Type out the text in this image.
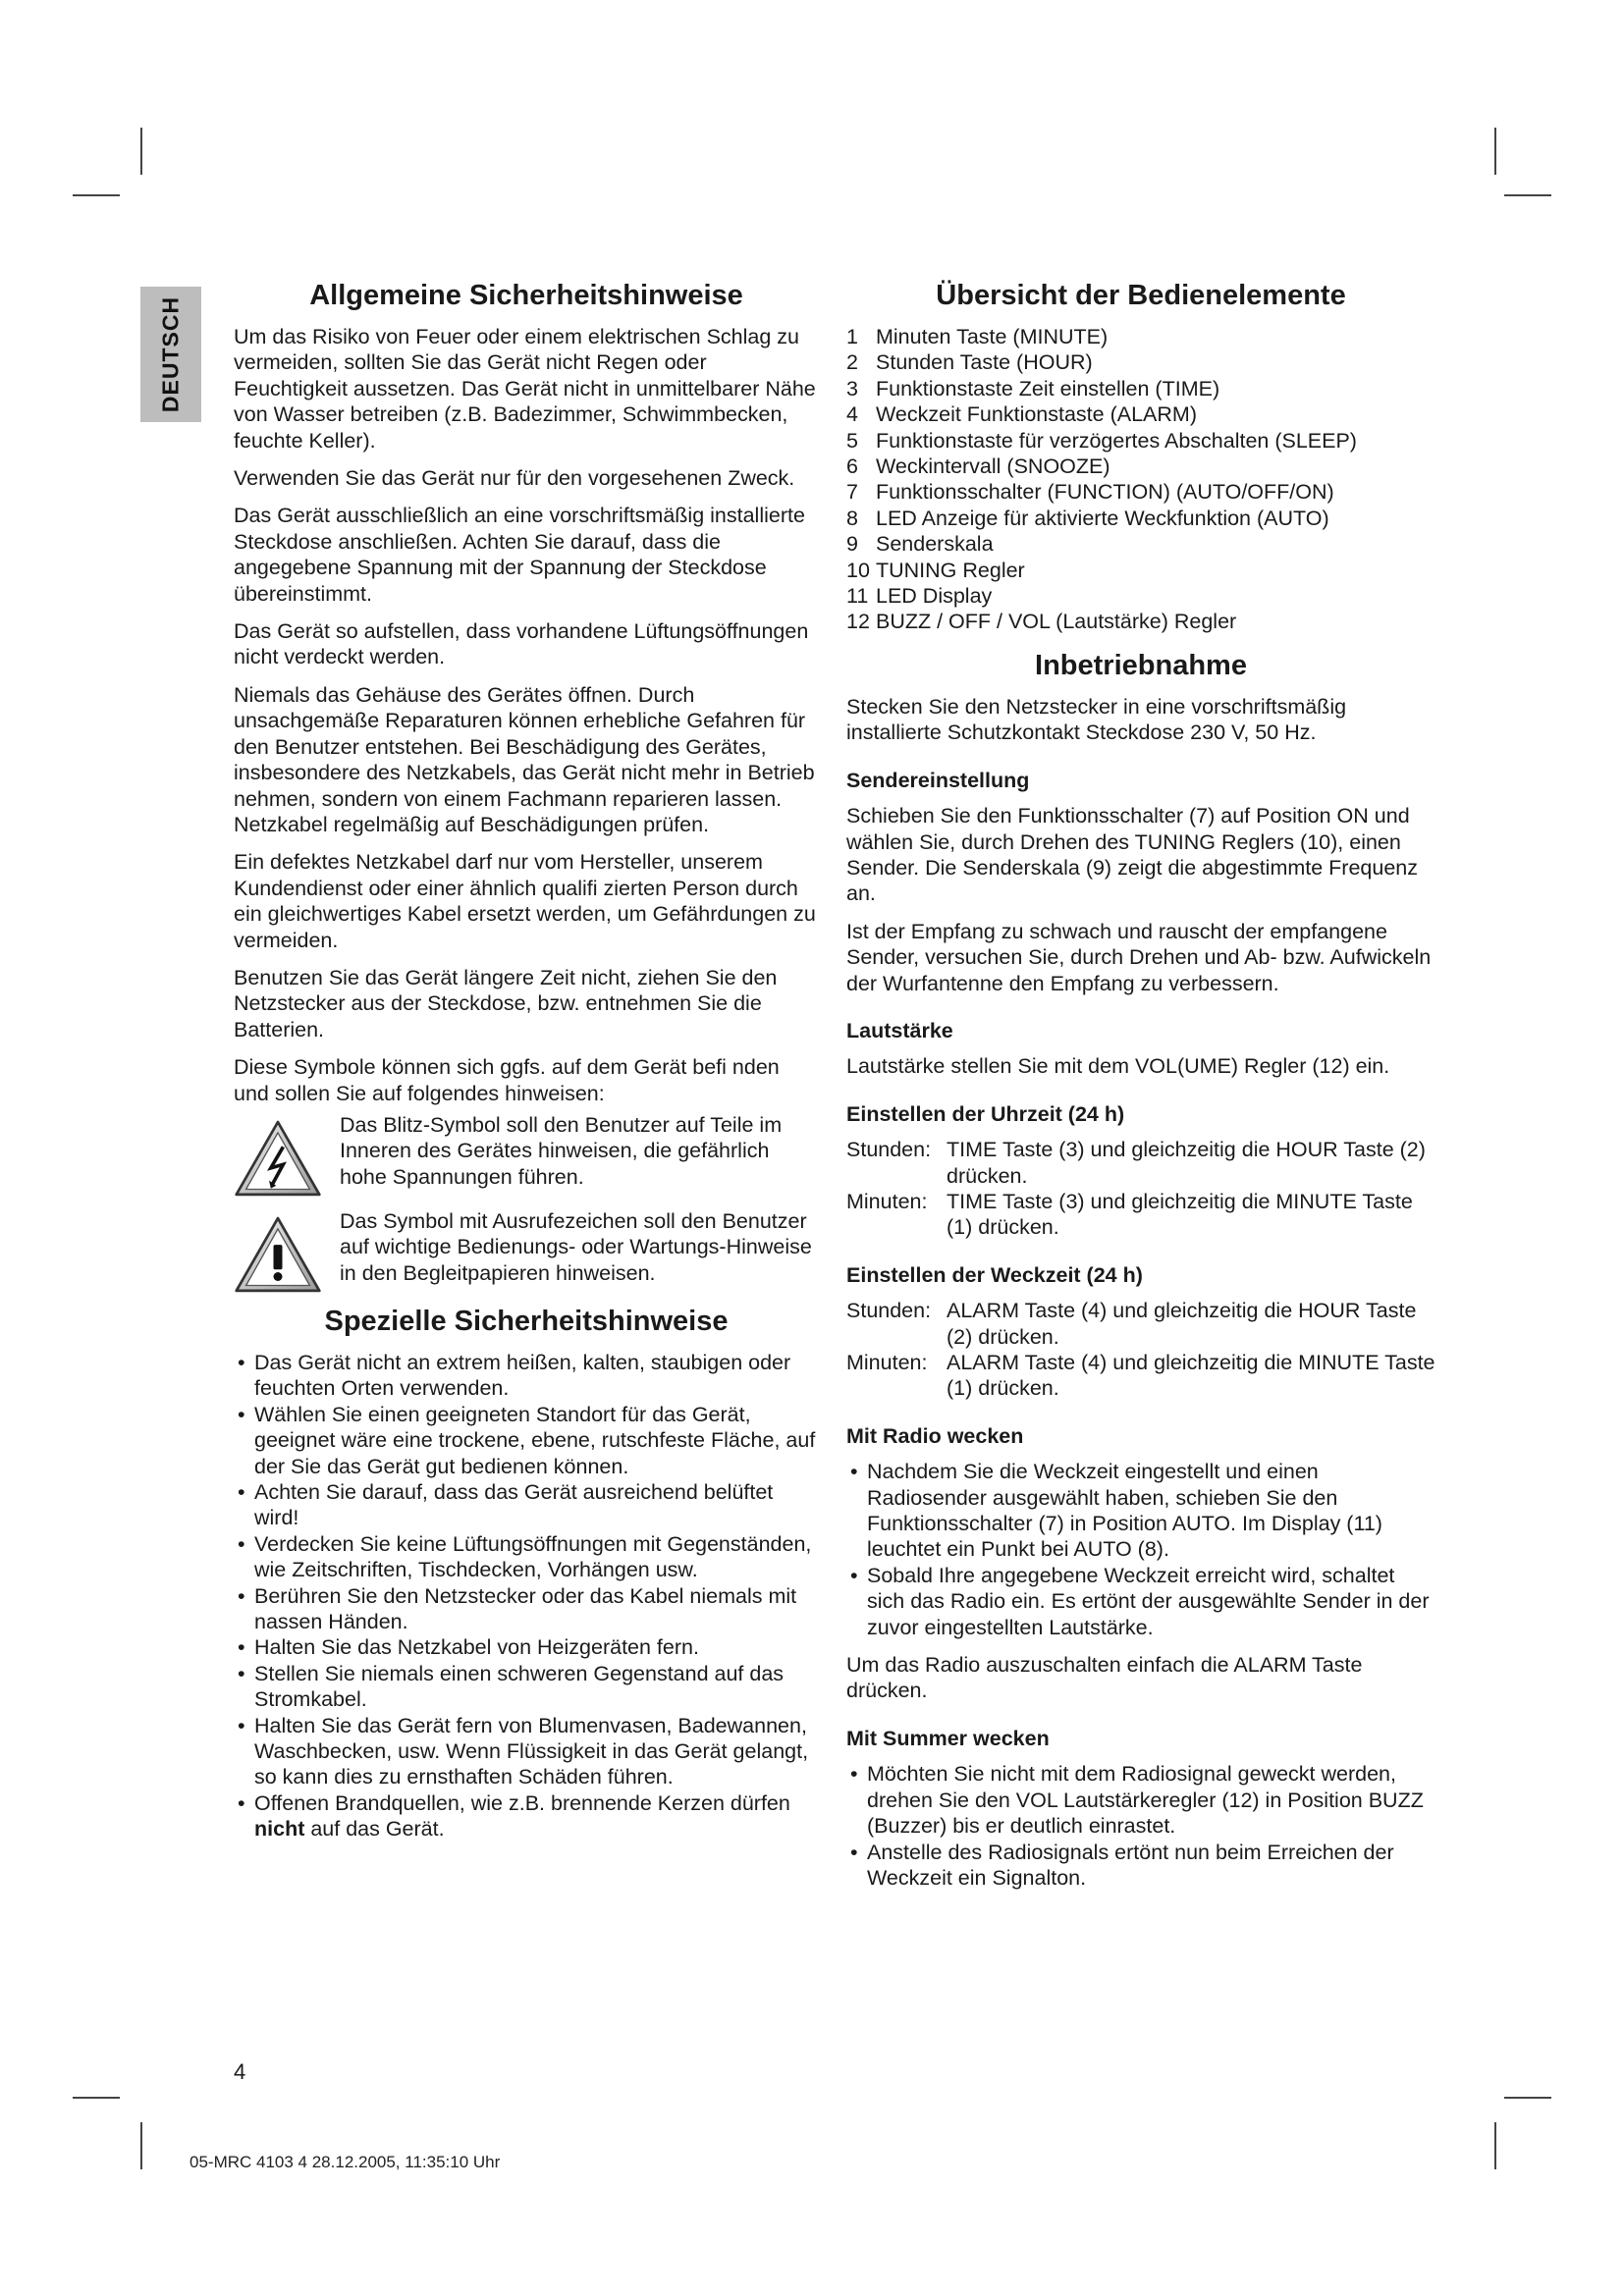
DEUTSCH
Allgemeine Sicherheitshinweise
Um das Risiko von Feuer oder einem elektrischen Schlag zu vermeiden, sollten Sie das Gerät nicht Regen oder Feuchtigkeit aussetzen. Das Gerät nicht in unmittelbarer Nähe von Wasser betreiben (z.B. Badezimmer, Schwimmbecken, feuchte Keller).
Verwenden Sie das Gerät nur für den vorgesehenen Zweck.
Das Gerät ausschließlich an eine vorschriftsmäßig installierte Steckdose anschließen. Achten Sie darauf, dass die angegebene Spannung mit der Spannung der Steckdose übereinstimmt.
Das Gerät so aufstellen, dass vorhandene Lüftungsöffnungen nicht verdeckt werden.
Niemals das Gehäuse des Gerätes öffnen. Durch unsachgemäße Reparaturen können erhebliche Gefahren für den Benutzer entstehen. Bei Beschädigung des Gerätes, insbesondere des Netzkabels, das Gerät nicht mehr in Betrieb nehmen, sondern von einem Fachmann reparieren lassen. Netzkabel regelmäßig auf Beschädigungen prüfen.
Ein defektes Netzkabel darf nur vom Hersteller, unserem Kundendienst oder einer ähnlich qualifi zierten Person durch ein gleichwertiges Kabel ersetzt werden, um Gefährdungen zu vermeiden.
Benutzen Sie das Gerät längere Zeit nicht, ziehen Sie den Netzstecker aus der Steckdose, bzw. entnehmen Sie die Batterien.
Diese Symbole können sich ggfs. auf dem Gerät befi nden und sollen Sie auf folgendes hinweisen:
Das Blitz-Symbol soll den Benutzer auf Teile im Inneren des Gerätes hinweisen, die gefährlich hohe Spannungen führen.
Das Symbol mit Ausrufezeichen soll den Benutzer auf wichtige Bedienungs- oder Wartungs-Hinweise in den Begleitpapieren hinweisen.
Spezielle Sicherheitshinweise
• Das Gerät nicht an extrem heißen, kalten, staubigen oder feuchten Orten verwenden.
• Wählen Sie einen geeigneten Standort für das Gerät, geeignet wäre eine trockene, ebene, rutschfeste Fläche, auf der Sie das Gerät gut bedienen können.
• Achten Sie darauf, dass das Gerät ausreichend belüftet wird!
• Verdecken Sie keine Lüftungsöffnungen mit Gegenständen, wie Zeitschriften, Tischdecken, Vorhängen usw.
• Berühren Sie den Netzstecker oder das Kabel niemals mit nassen Händen.
• Halten Sie das Netzkabel von Heizgeräten fern.
• Stellen Sie niemals einen schweren Gegenstand auf das Stromkabel.
• Halten Sie das Gerät fern von Blumenvasen, Badewannen, Waschbecken, usw. Wenn Flüssigkeit in das Gerät gelangt, so kann dies zu ernsthaften Schäden führen.
• Offenen Brandquellen, wie z.B. brennende Kerzen dürfen nicht auf das Gerät.
Übersicht der Bedienelemente
1 Minuten Taste (MINUTE)
2 Stunden Taste (HOUR)
3 Funktionstaste Zeit einstellen (TIME)
4 Weckzeit Funktionstaste (ALARM)
5 Funktionstaste für verzögertes Abschalten (SLEEP)
6 Weckintervall (SNOOZE)
7 Funktionsschalter (FUNCTION) (AUTO/OFF/ON)
8 LED Anzeige für aktivierte Weckfunktion (AUTO)
9 Senderskala
10 TUNING Regler
11 LED Display
12 BUZZ / OFF / VOL (Lautstärke) Regler
Inbetriebnahme
Stecken Sie den Netzstecker in eine vorschriftsmäßig installierte Schutzkontakt Steckdose 230 V, 50 Hz.
Sendereinstellung
Schieben Sie den Funktionsschalter (7) auf Position ON und wählen Sie, durch Drehen des TUNING Reglers (10), einen Sender. Die Senderskala (9) zeigt die abgestimmte Frequenz an.
Ist der Empfang zu schwach und rauscht der empfangene Sender, versuchen Sie, durch Drehen und Ab- bzw. Aufwickeln der Wurfantenne den Empfang zu verbessern.
Lautstärke
Lautstärke stellen Sie mit dem VOL(UME) Regler (12) ein.
Einstellen der Uhrzeit (24 h)
Stunden: TIME Taste (3) und gleichzeitig die HOUR Taste (2) drücken.
Minuten: TIME Taste (3) und gleichzeitig die MINUTE Taste (1) drücken.
Einstellen der Weckzeit (24 h)
Stunden: ALARM Taste (4) und gleichzeitig die HOUR Taste (2) drücken.
Minuten: ALARM Taste (4) und gleichzeitig die MINUTE Taste (1) drücken.
Mit Radio wecken
• Nachdem Sie die Weckzeit eingestellt und einen Radiosender ausgewählt haben, schieben Sie den Funktionsschalter (7) in Position AUTO. Im Display (11) leuchtet ein Punkt bei AUTO (8).
• Sobald Ihre angegebene Weckzeit erreicht wird, schaltet sich das Radio ein. Es ertönt der ausgewählte Sender in der zuvor eingestellten Lautstärke.
Um das Radio auszuschalten einfach die ALARM Taste drücken.
Mit Summer wecken
• Möchten Sie nicht mit dem Radiosignal geweckt werden, drehen Sie den VOL Lautstärkeregler (12) in Position BUZZ (Buzzer) bis er deutlich einrastet.
• Anstelle des Radiosignals ertönt nun beim Erreichen der Weckzeit ein Signalton.
4
05-MRC 4103 4 28.12.2005, 11:35:10 Uhr
